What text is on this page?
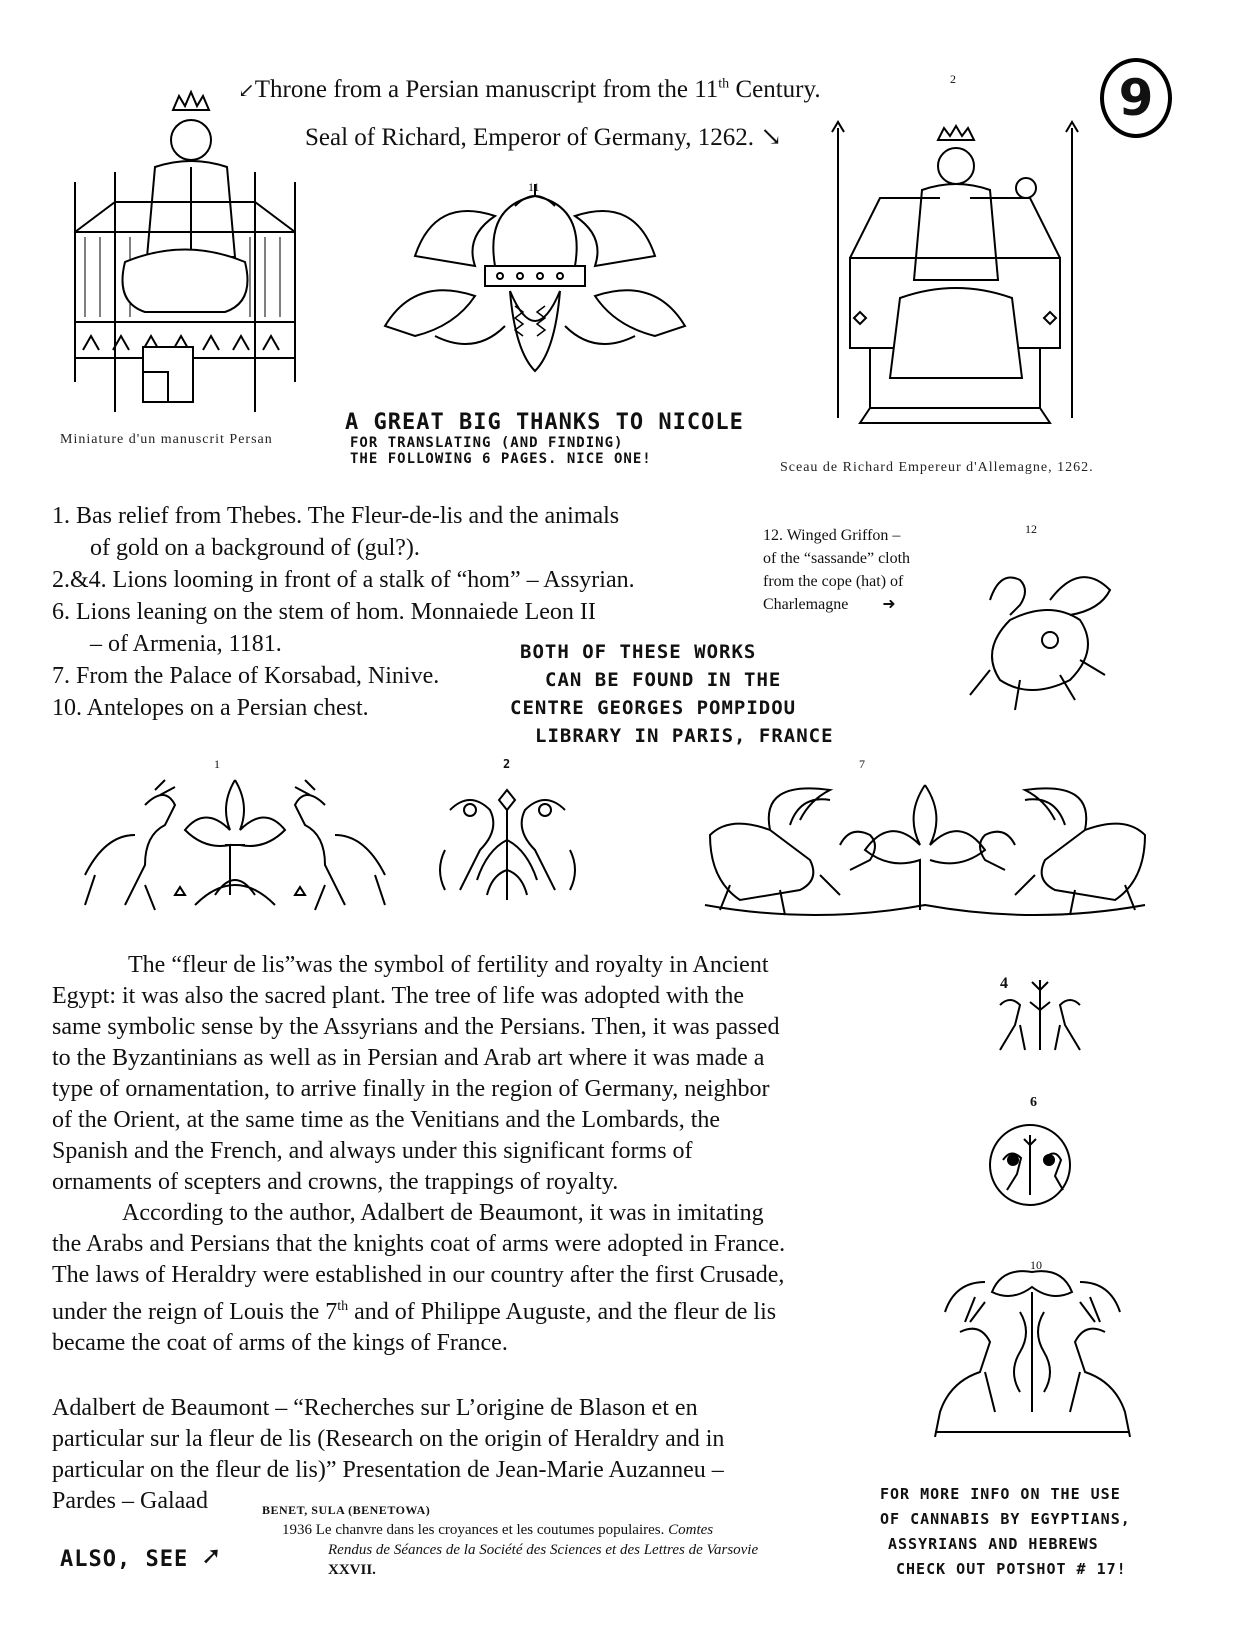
9
↙Throne from a Persian manuscript from the 11th Century.
Seal of Richard, Emperor of Germany, 1262. ↘
11
2
Miniature d'un manuscrit Persan
Sceau de Richard Empereur d'Allemagne, 1262.
A GREAT BIG THANKS TO NICOLE
FOR TRANSLATING (AND FINDING)
THE FOLLOWING 6 PAGES. NICE ONE!
1. Bas relief from Thebes. The Fleur-de-lis and the animals
of gold on a background of (gul?).
2.&4. Lions looming in front of a stalk of “hom” – Assyrian.
6. Lions leaning on the stem of hom. Monnaiede Leon II
– of Armenia, 1181.
7. From the Palace of Korsabad, Ninive.
10. Antelopes on a Persian chest.
12. Winged Griffon –
of the “sassande” cloth
from the cope (hat) of
Charlemagne ➜
12
BOTH OF THESE WORKS
CAN BE FOUND IN THE
CENTRE GEORGES POMPIDOU
LIBRARY IN PARIS, FRANCE
1	2	7

The “fleur de lis”was the symbol of fertility and royalty in Ancient

Egypt: it was also the sacred plant. The tree of life was adopted with the

same symbolic sense by the Assyrians and the Persians. Then, it was passed

to the Byzantinians as well as in Persian and Arab art where it was made a

type of ornamentation, to arrive finally in the region of Germany, neighbor

of the Orient, at the same time as the Venitians and the Lombards, the

Spanish and the French, and always under this significant forms of

ornaments of scepters and crowns, the trappings of royalty.

According to the author, Adalbert de Beaumont, it was in imitating

the Arabs and Persians that the knights coat of arms were adopted in France.

The laws of Heraldry were established in our country after the first Crusade,

under the reign of Louis the 7th and of Philippe Auguste, and the fleur de lis

became the coat of arms of the kings of France.

4
6
10

Adalbert de Beaumont – “Recherches sur L’origine de Blason et en

particular sur la fleur de lis (Research on the origin of Heraldry and in

particular on the fleur de lis)” Presentation de Jean-Marie Auzanneu –

Pardes – Galaad

ALSO, SEE ➚
BENET, SULA (BENETOWA)
1936 Le chanvre dans les croyances et les coutumes populaires. Comtes
Rendus de Séances de la Société des Sciences et des Lettres de Varsovie
XXVII.
FOR MORE INFO ON THE USE
OF CANNABIS BY EGYPTIANS,
ASSYRIANS AND HEBREWS
CHECK OUT POTSHOT # 17!
